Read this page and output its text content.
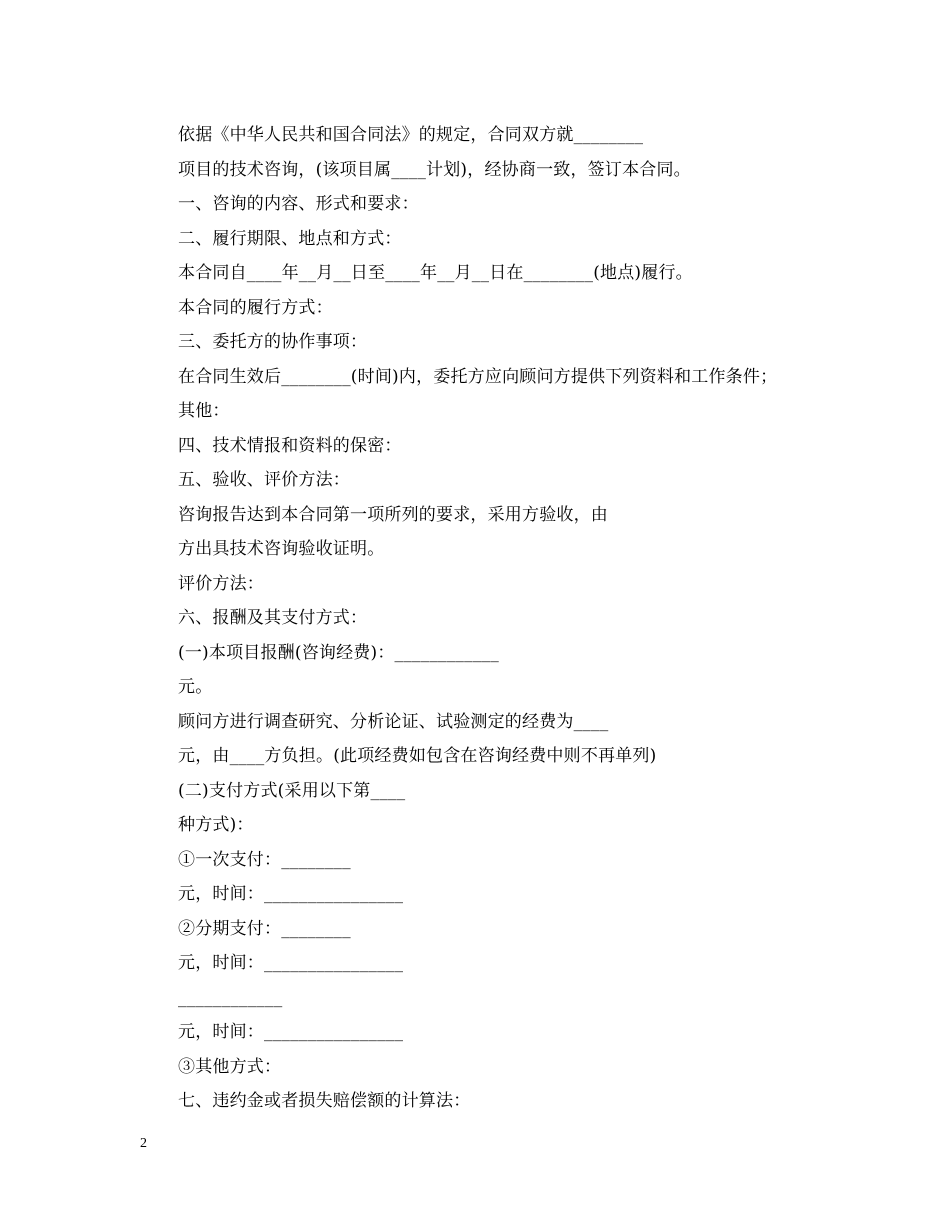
依据《中华人民共和国合同法》的规定，合同双方就________
项目的技术咨询，(该项目属____计划)，经协商一致，签订本合同。
一、咨询的内容、形式和要求：
二、履行期限、地点和方式：
本合同自____年__月__日至____年__月__日在________(地点)履行。
本合同的履行方式：
三、委托方的协作事项：
在合同生效后________(时间)内，委托方应向顾问方提供下列资料和工作条件；
其他：
四、技术情报和资料的保密：
五、验收、评价方法：
咨询报告达到本合同第一项所列的要求，采用方验收，由
方出具技术咨询验收证明。
评价方法：
六、报酬及其支付方式：
(一)本项目报酬(咨询经费)：____________
元。
顾问方进行调查研究、分析论证、试验测定的经费为____
元，由____方负担。(此项经费如包含在咨询经费中则不再单列)
(二)支付方式(采用以下第____
种方式)：
①一次支付：________
元，时间：________________
②分期支付：________
元，时间：________________
____________
元，时间：________________
③其他方式：
七、违约金或者损失赔偿额的计算法：
2
